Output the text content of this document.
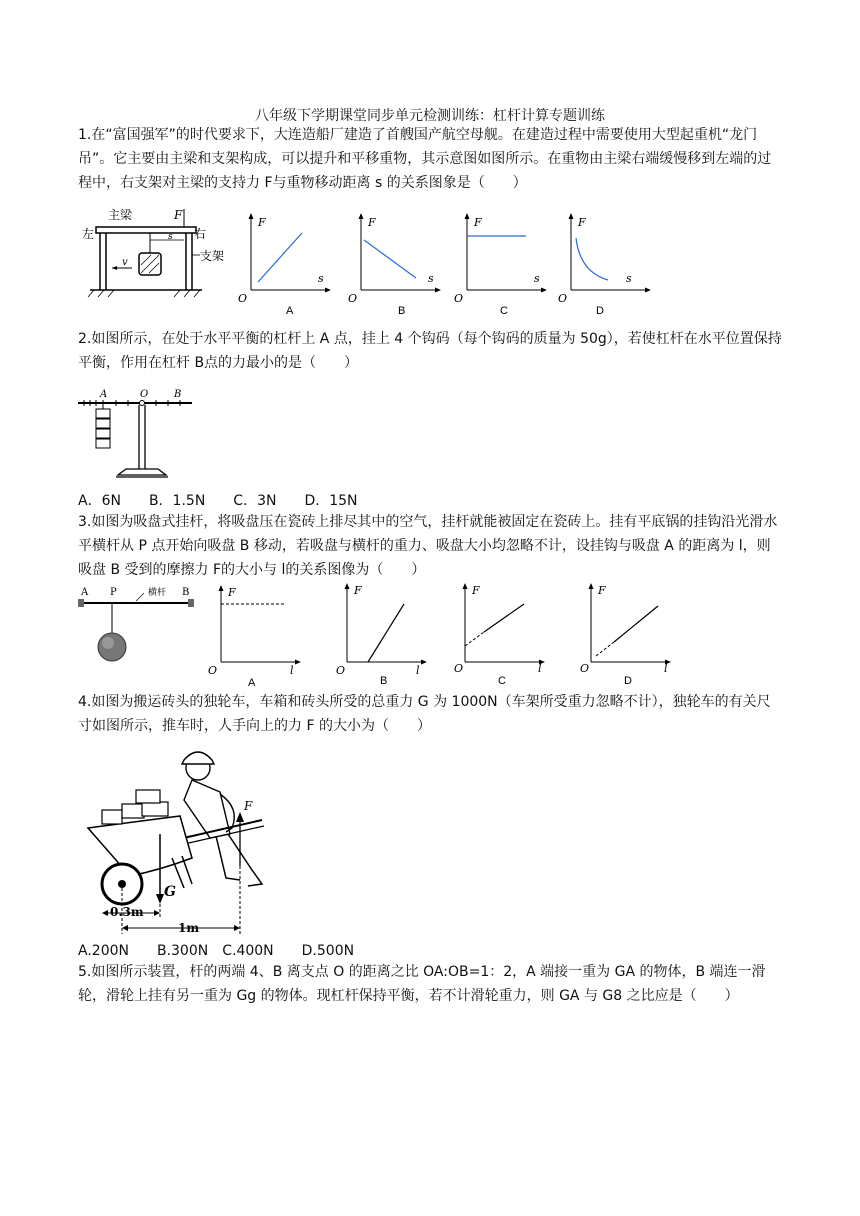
八年级下学期课堂同步单元检测训练：杠杆计算专题训练
1.在“富国强军”的时代要求下，大连造船厂建造了首艘国产航空母舰。在建造过程中需要使用大型起重机“龙门吊”。它主要由主梁和支架构成，可以提升和平移重物，其示意图如图所示。在重物由主梁右端缓慢移到左端的过程中，右支架对主梁的支持力 F与重物移动距离 s 的关系图象是（　　）
主梁	F
左	右
s
v	支架
F
s
O
A
F
s
O
B
F
s
O
C
F
s
O
D
2.如图所示，在处于水平平衡的杠杆上 A 点，挂上 4 个钩码（每个钩码的质量为 50g），若使杠杆在水平位置保持平衡，作用在杠杆 B点的力最小的是（　　）
A	O	B
A．6N　　B．1.5N　　C．3N　　D．15N
3.如图为吸盘式挂杆，将吸盘压在瓷砖上排尽其中的空气，挂杆就能被固定在瓷砖上。挂有平底锅的挂钩沿光滑水平横杆从 P 点开始向吸盘 B 移动，若吸盘与横杆的重力、吸盘大小均忽略不计，设挂钩与吸盘 A 的距离为 l，则吸盘 B 受到的摩擦力 F的大小与 l的关系图像为（　　）
A P	横杆 B	F
l
O
A
F
l
O
B
F
l
O
C
F
l
O
D
4.如图为搬运砖头的独轮车，车箱和砖头所受的总重力 G 为 1000N（车架所受重力忽略不计），独轮车的有关尺寸如图所示，推车时，人手向上的力 F 的大小为（　　）
G
F
0.3m
1m
A.200N　　B.300N　C.400N　　D.500N
5.如图所示装置，杆的两端 4、B 离支点 O 的距离之比 OA:OB=1：2，A 端接一重为 GA 的物体，B 端连一滑轮，滑轮上挂有另一重为 Gg 的物体。现杠杆保持平衡，若不计滑轮重力，则 GA 与 G8 之比应是（　　）
